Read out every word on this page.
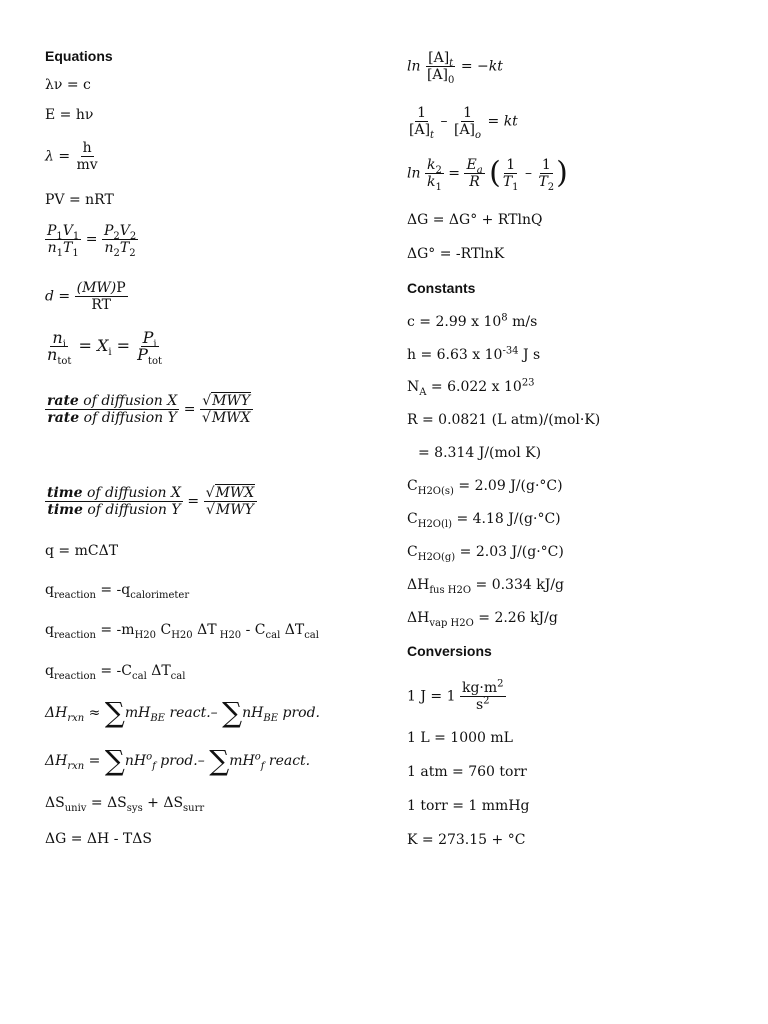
Equations
λν = c
E = hν
$\lambda = \frac{h}{mv}$
PV = nRT
$\frac{P_1V_1}{n_1T_1} = \frac{P_2V_2}{n_2T_2}$
$d = \frac{(MW)P}{RT}$
$\frac{n_i}{n_{tot}} = X_i = \frac{P_i}{P_{tot}}$
$\frac{\text{rate of diffusion X}}{\text{rate of diffusion Y}} = \frac{\text{√MWY}}{\text{√MWX}}$
$\frac{\text{time of diffusion X}}{\text{time of diffusion Y}} = \frac{\text{√MWX}}{\text{√MWY}}$
q = mCΔT
$q_{reaction} = -q_{calorimeter}$
$q_{reaction} = -m_{H20}$ $C_{H20}$ ΔT $_{H20} - C_{cal}$ $\Delta T_{cal}$
$q_{reaction} = -C_{cal}$ $\Delta T_{cal}$
$\Delta H_{rxn} \approx \sum mH_{BE}$ react.– $\sum nH_{BE}$ prod.
$\Delta H_{rxn} = \sum nH^o_f$ prod.– $\sum mH^o_f$ react.
$\Delta S_{univ} = \Delta S_{sys} + \Delta S_{surr}$
ΔG = ΔH - TΔS
$\ln \frac{[A]_t}{[A]_0} = -kt$
$\frac{1}{[A]_t} - \frac{1}{[A]_o}$ = kt
$\ln \frac{k_2}{k_1} = \frac{E_a}{R}$ ( $\frac{1}{T_1} - \frac{1}{T_2}$ )
ΔG = ΔG° + RTlnQ
ΔG° = -RTlnK
Constants
c = 2.99 x $10^8$ m/s
h = 6.63 x $10^{-34}$ J s
$N_A = 6.022$ x $10^{23}$
R = 0.0821 (L atm)/(mol·K)
= 8.314 J/(mol K)
$C_{H2O(s)} = 2.09$ J/(g·°C)
$C_{H2O(l)} = 4.18$ J/(g·°C)
$C_{H2O(g)} = 2.03$ J/(g·°C)
$\Delta H_{fus H2O} = 0.334$ kJ/g
$\Delta H_{vap H2O} = 2.26$ kJ/g
Conversions
1 $J = 1 \frac{kg\cdot m^2}{s^2}$
1 L = 1000 mL
1 atm = 760 torr
1 torr = 1 mmHg
K = 273.15 + °C
